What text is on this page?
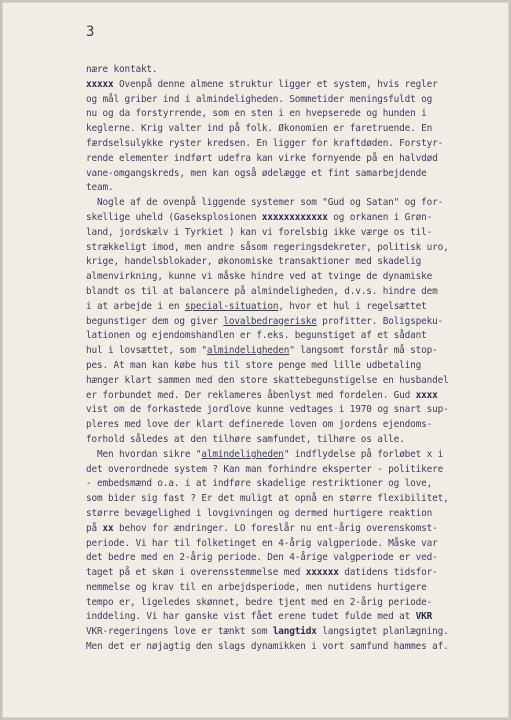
3
nære kontakt.
xxxxx Ovenpå denne almene struktur ligger et system, hvis regler
og mål griber ind i almindeligheden. Sommetider meningsfuldt og
nu og da forstyrrende, som en sten i en hvepserede og hunden i
keglerne. Krig valter ind på folk. Økonomien er faretruende. En
færdselsulykke ryster kredsen. En ligger for kraftdøden. Forstyr-
rende elementer indført udefra kan virke fornyende på en halvdød
vane-omgangskreds, men kan også ødelægge et fint samarbejdende
team.
Nogle af de ovenpå liggende systemer som "Gud og Satan" og for-
skellige uheld (Gaseksplosionen xxxxxxxxxxxx og orkanen i Grøn-
land, jordskælv i Tyrkiet ) kan vi forelsbig ikke værge os til-
strækkeligt imod, men andre såsom regeringsdekreter, politisk uro,
krige, handelsblokader, økonomiske transaktioner med skadelig
almenvirkning, kunne vi måske hindre ved at tvinge de dynamiske
blandt os til at balancere på almindeligheden, d.v.s. hindre dem
i at arbejde i en special-situation, hvor et hul i regelsættet
begunstiger dem og giver lovalbedrageriske profitter. Boligspeku-
lationen og ejendomshandlen er f.eks. begunstiget af et sådant
hul i lovsættet, som "almindeligheden" langsomt forstår må stop-
pes. At man kan købe hus til store penge med lille udbetaling
hænger klart sammen med den store skattebegunstigelse en husbandel
er forbundet med. Der reklameres åbenlyst med fordelen. Gud xxxx
vist om de forkastede jordlove kunne vedtages i 1970 og snart sup-
pleres med love der klart definerede loven om jordens ejendoms-
forhold således at den tilhøre samfundet, tilhøre os alle.
Men hvordan sikre "almindeligheden" indflydelse på forløbet x i
det overordnede system ? Kan man forhindre eksperter - politikere
- embedsmænd o.a. i at indføre skadelige restriktioner og love,
som bider sig fast ? Er det muligt at opnå en større flexibilitet,
større bevægelighed i lovgivningen og dermed hurtigere reaktion
på xx behov for ændringer. LO foreslår nu ent-årig overenskomst-
periode. Vi har til folketinget en 4-årig valgperiode. Måske var
det bedre med en 2-årig periode. Den 4-årige valgperiode er ved-
taget på et skøn i overensstemmelse med xxxxxx datidens tidsfor-
nemmelse og krav til en arbejdsperiode, men nutidens hurtigere
tempo er, ligeledes skønnet, bedre tjent med en 2-årig periode-
inddeling. Vi har ganske vist fået erene tudet fulde med at VKR
VKR-regeringens love er tænkt som langtidx langsigtet planlægning.
Men det er nøjagtig den slags dynamikken i vort samfund hammes af.
